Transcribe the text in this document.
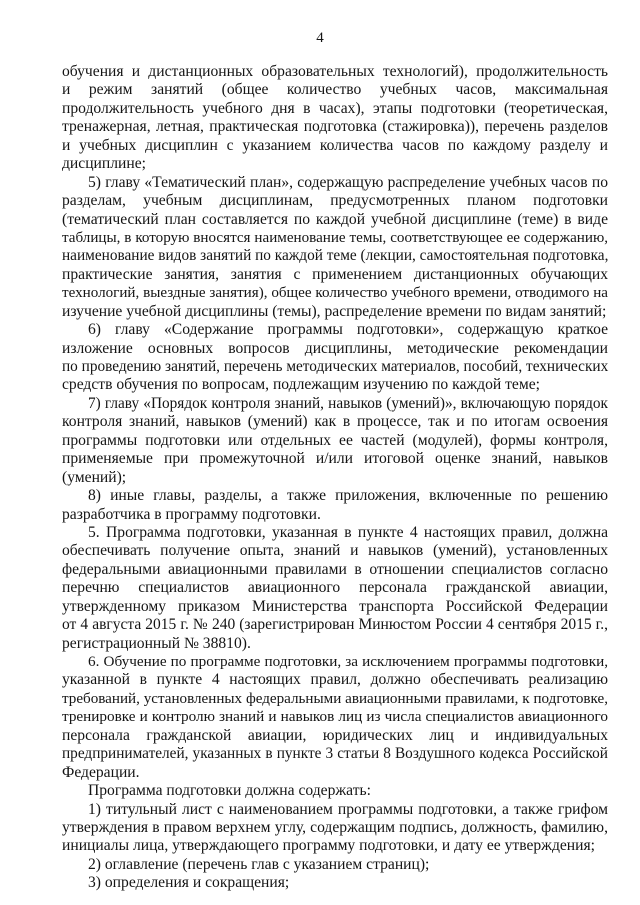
4
обучения и дистанционных образовательных технологий), продолжительность
и режим занятий (общее количество учебных часов, максимальная
продолжительность учебного дня в часах), этапы подготовки (теоретическая,
тренажерная, летная, практическая подготовка (стажировка)), перечень разделов
и учебных дисциплин с указанием количества часов по каждому разделу и
дисциплине;
5) главу «Тематический план», содержащую распределение учебных часов по
разделам, учебным дисциплинам, предусмотренных планом подготовки
(тематический план составляется по каждой учебной дисциплине (теме) в виде
таблицы, в которую вносятся наименование темы, соответствующее ее содержанию,
наименование видов занятий по каждой теме (лекции, самостоятельная подготовка,
практические занятия, занятия с применением дистанционных обучающих
технологий, выездные занятия), общее количество учебного времени, отводимого на
изучение учебной дисциплины (темы), распределение времени по видам занятий;
6) главу «Содержание программы подготовки», содержащую краткое
изложение основных вопросов дисциплины, методические рекомендации
по проведению занятий, перечень методических материалов, пособий, технических
средств обучения по вопросам, подлежащим изучению по каждой теме;
7) главу «Порядок контроля знаний, навыков (умений)», включающую порядок
контроля знаний, навыков (умений) как в процессе, так и по итогам освоения
программы подготовки или отдельных ее частей (модулей), формы контроля,
применяемые при промежуточной и/или итоговой оценке знаний, навыков
(умений);
8) иные главы, разделы, а также приложения, включенные по решению
разработчика в программу подготовки.
5. Программа подготовки, указанная в пункте 4 настоящих правил, должна
обеспечивать получение опыта, знаний и навыков (умений), установленных
федеральными авиационными правилами в отношении специалистов согласно
перечню специалистов авиационного персонала гражданской авиации,
утвержденному приказом Министерства транспорта Российской Федерации
от 4 августа 2015 г. № 240 (зарегистрирован Минюстом России 4 сентября 2015 г.,
регистрационный № 38810).
6. Обучение по программе подготовки, за исключением программы подготовки,
указанной в пункте 4 настоящих правил, должно обеспечивать реализацию
требований, установленных федеральными авиационными правилами, к подготовке,
тренировке и контролю знаний и навыков лиц из числа специалистов авиационного
персонала гражданской авиации, юридических лиц и индивидуальных
предпринимателей, указанных в пункте 3 статьи 8 Воздушного кодекса Российской
Федерации.
Программа подготовки должна содержать:
1) титульный лист с наименованием программы подготовки, а также грифом
утверждения в правом верхнем углу, содержащим подпись, должность, фамилию,
инициалы лица, утверждающего программу подготовки, и дату ее утверждения;
2) оглавление (перечень глав с указанием страниц);
3) определения и сокращения;
